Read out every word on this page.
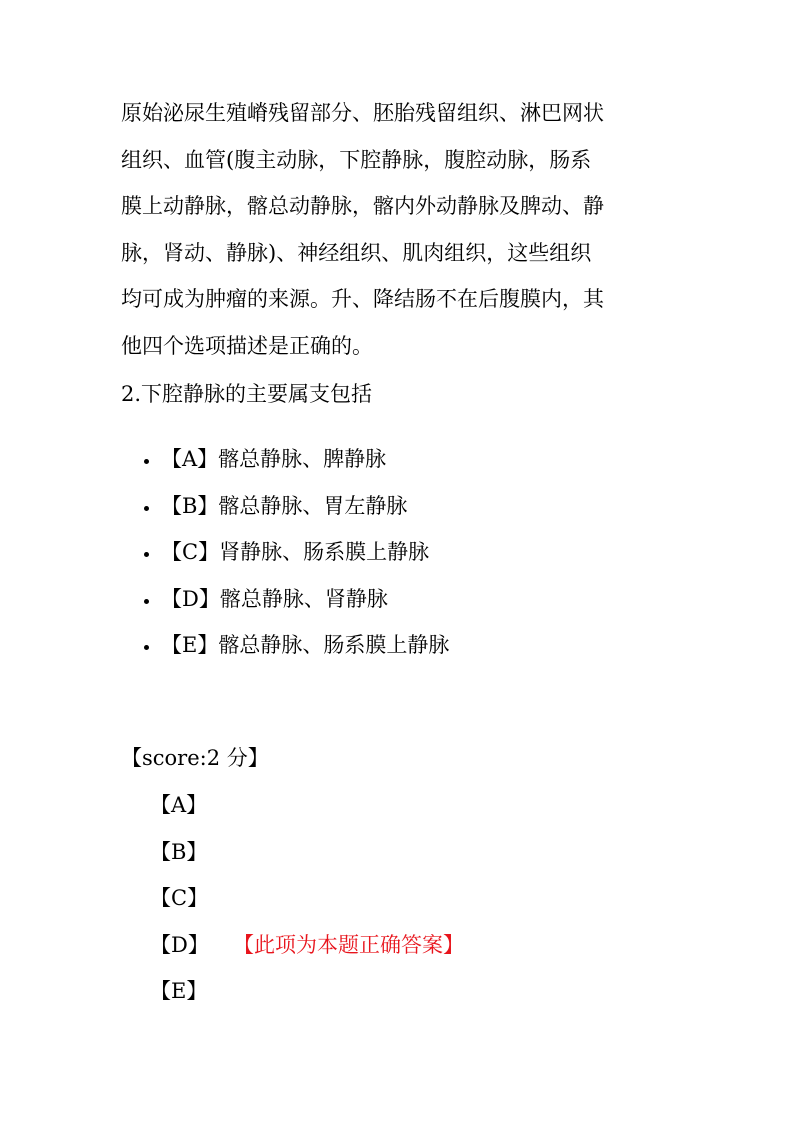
原始泌尿生殖嵴残留部分、胚胎残留组织、淋巴网状
组织、血管(腹主动脉，下腔静脉，腹腔动脉，肠系
膜上动静脉，髂总动静脉，髂内外动静脉及脾动、静
脉，肾动、静脉)、神经组织、肌肉组织，这些组织
均可成为肿瘤的来源。升、降结肠不在后腹膜内，其
他四个选项描述是正确的。
2.下腔静脉的主要属支包括
【A】髂总静脉、脾静脉
【B】髂总静脉、胃左静脉
【C】肾静脉、肠系膜上静脉
【D】髂总静脉、肾静脉
【E】髂总静脉、肠系膜上静脉
【score:2 分】
【A】
【B】
【C】
【D】 【此项为本题正确答案】
【E】
